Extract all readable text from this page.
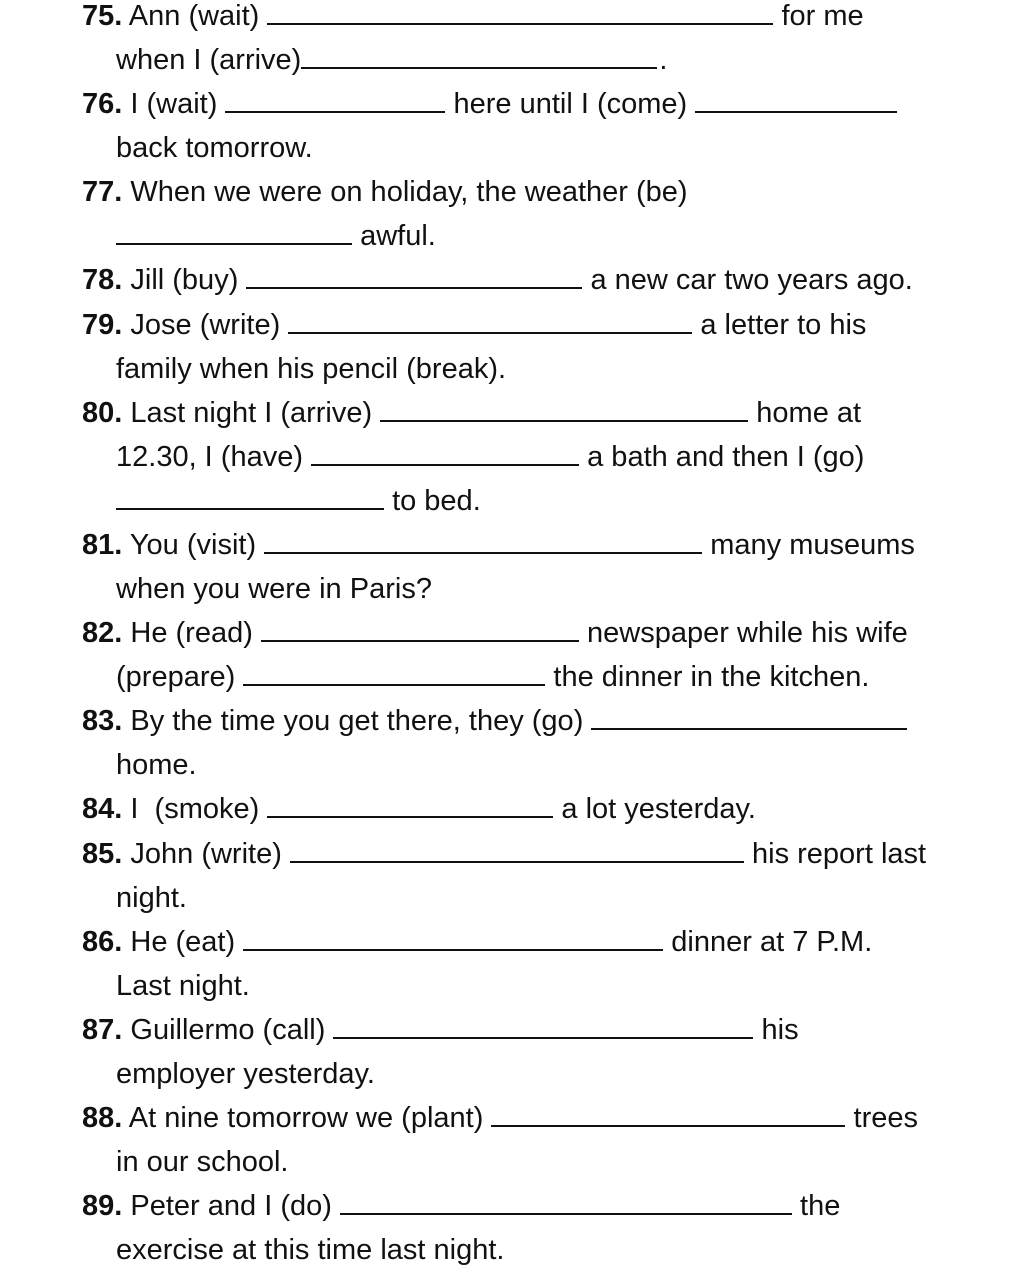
75. Ann (wait)	for me
when I (arrive)	.
76. I (wait)	here until I (come)
back tomorrow.
77. When we were on holiday, the weather (be)
awful.
78. Jill (buy)	a new car two years ago.
79. Jose (write)	a letter to his
family when his pencil (break).
80. Last night I (arrive)	home at
12.30, I (have)	a bath and then I (go)
to bed.
81. You (visit)	many museums
when you were in Paris?
82. He (read)	newspaper while his wife
(prepare)	the dinner in the kitchen.
83. By the time you get there, they (go)
home.
84. I  (smoke)	a lot yesterday.
85. John (write)	his report last
night.
86. He (eat)	dinner at 7 P.M.
Last night.
87. Guillermo (call)	his
employer yesterday.
88. At nine tomorrow we (plant)	trees
in our school.
89. Peter and I (do)	the
exercise at this time last night.
